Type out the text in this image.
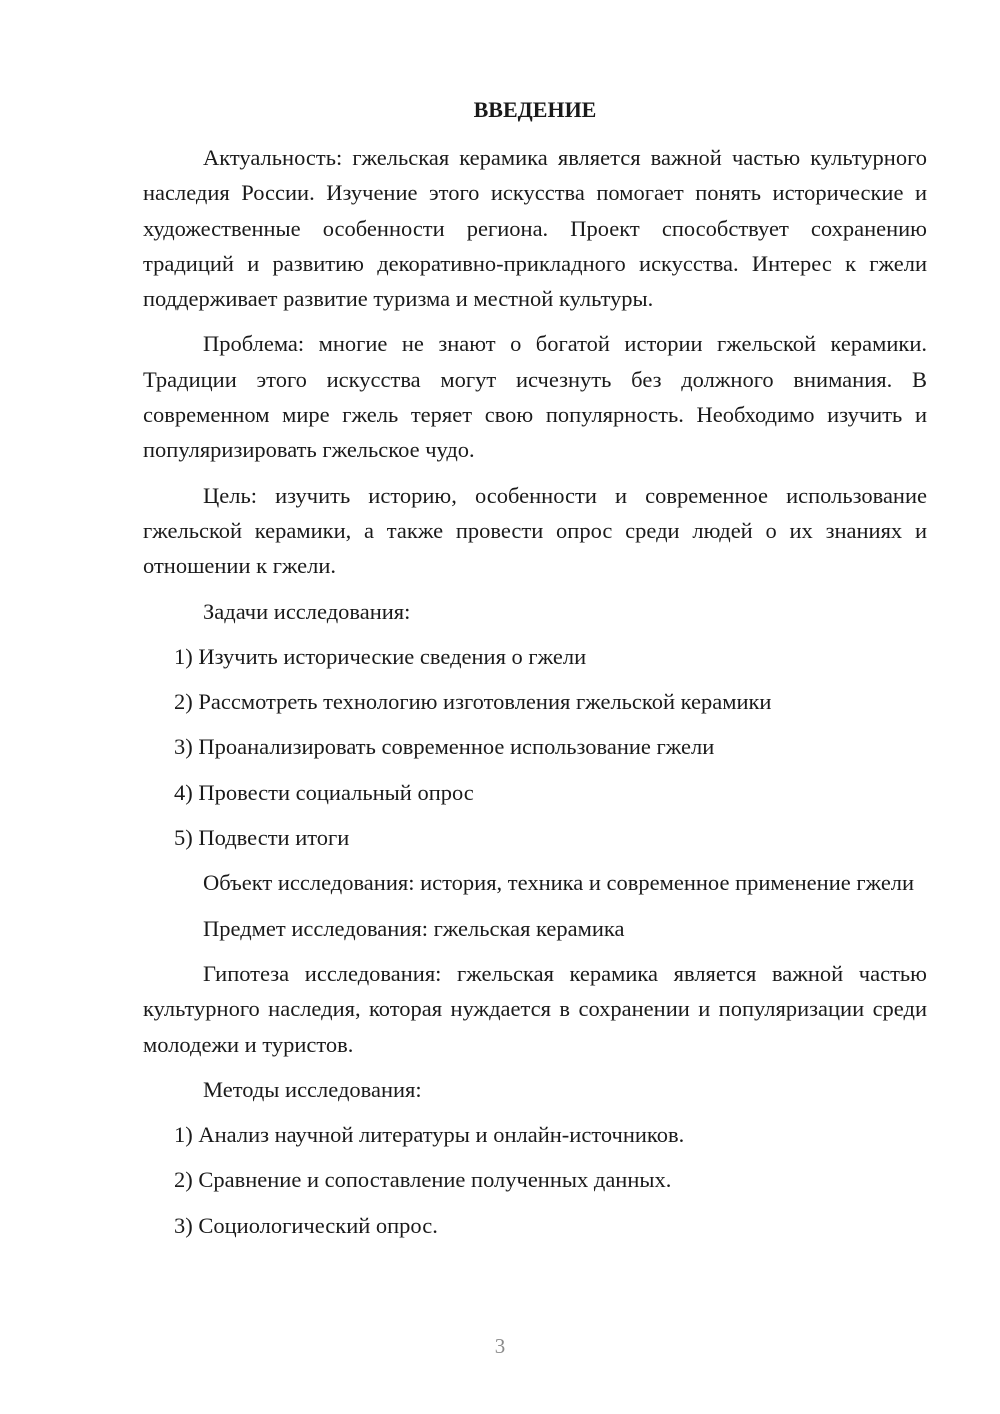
ВВЕДЕНИЕ

Актуальность: гжельская керамика является важной частью культурного наследия России. Изучение этого искусства помогает понять исторические и художественные особенности региона. Проект способствует сохранению традиций и развитию декоративно-прикладного искусства. Интерес к гжели поддерживает развитие туризма и местной культуры.

Проблема: многие не знают о богатой истории гжельской керамики. Традиции этого искусства могут исчезнуть без должного внимания. В современном мире гжель теряет свою популярность. Необходимо изучить и популяризировать гжельское чудо.

Цель: изучить историю, особенности и современное использование гжельской керамики, а также провести опрос среди людей о их знаниях и отношении к гжели.

Задачи исследования:

1) Изучить исторические сведения о гжели
2) Рассмотреть технологию изготовления гжельской керамики
3) Проанализировать современное использование гжели
4) Провести социальный опрос
5) Подвести итоги

Объект исследования: история, техника и современное применение гжели

Предмет исследования: гжельская керамика

Гипотеза исследования: гжельская керамика является важной частью культурного наследия, которая нуждается в сохранении и популяризации среди молодежи и туристов.

Методы исследования:

1) Анализ научной литературы и онлайн-источников.
2) Сравнение и сопоставление полученных данных.
3) Социологический опрос.
3
